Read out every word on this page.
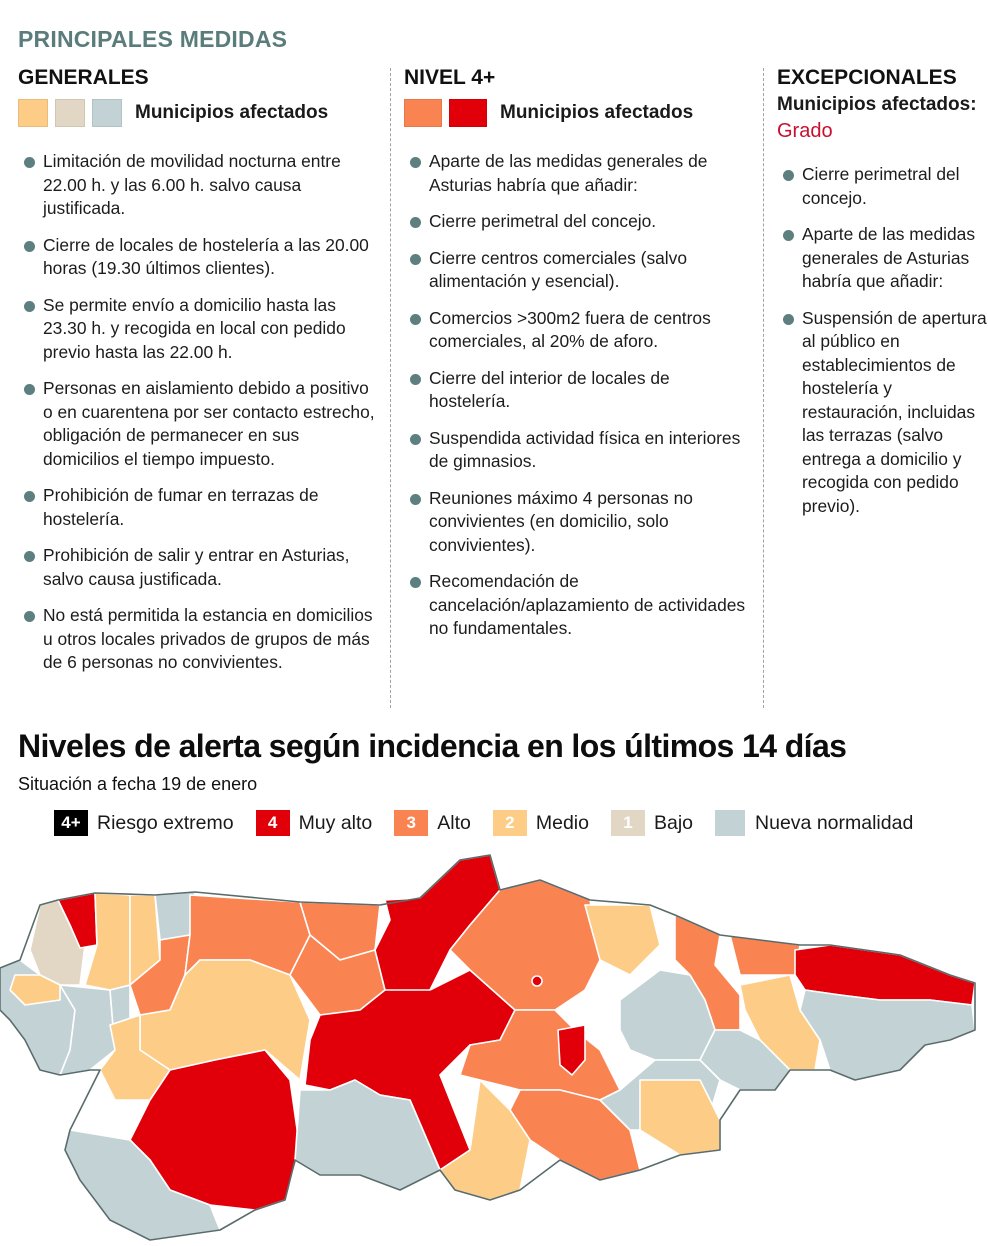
PRINCIPALES MEDIDAS
GENERALES
Municipios afectados
Limitación de movilidad nocturna entre 22.00 h. y las 6.00 h. salvo causa justificada.
Cierre de locales de hostelería a las 20.00 horas (19.30 últimos clientes).
Se permite envío a domicilio hasta las 23.30 h. y recogida en local con pedido previo hasta las 22.00 h.
Personas en aislamiento debido a positivo o en cuarentena por ser contacto estrecho, obligación de permanecer en sus domicilios el tiempo impuesto.
Prohibición de fumar en terrazas de hostelería.
Prohibición de salir y entrar en Asturias, salvo causa justificada.
No está permitida la estancia en domicilios u otros locales privados de grupos de más de 6 personas no convivientes.
NIVEL 4+
Municipios afectados
Aparte de las medidas generales de Asturias habría que añadir:
Cierre perimetral del concejo.
Cierre centros comerciales (salvo alimentación y esencial).
Comercios >300m2 fuera de centros comerciales, al 20% de aforo.
Cierre del interior de locales de hostelería.
Suspendida actividad física en interiores de gimnasios.
Reuniones máximo 4 personas no convivientes (en domicilio, solo convivientes).
Recomendación de cancelación/aplazamiento de actividades no fundamentales.
EXCEPCIONALES
Municipios afectados:
Grado
Cierre perimetral del concejo.
Aparte de las medidas generales de Asturias habría que añadir:
Suspensión de apertura al público en establecimientos de hostelería y restauración, incluidas las terrazas (salvo entrega a domicilio y recogida con pedido previo).
Niveles de alerta según incidencia en los últimos 14 días
Situación a fecha 19 de enero
4+ Riesgo extremo	4	Muy alto	3	Alto	2	Medio	1	Bajo	Nueva normalidad
